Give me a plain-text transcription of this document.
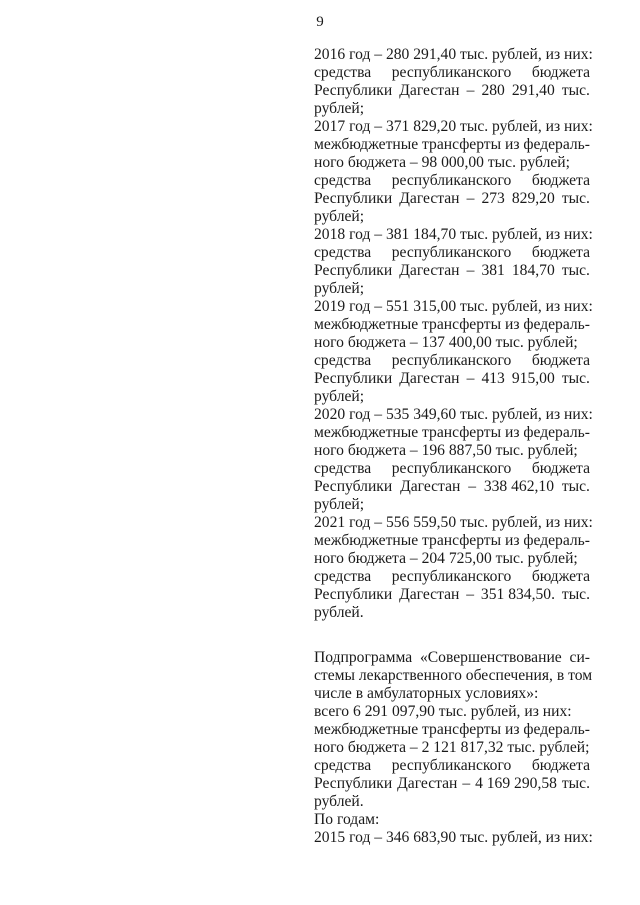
9
2016 год – 280 291,40 тыс. рублей, из них:
средства республиканского бюджета
Республики Дагестан – 280 291,40 тыс.
рублей;
2017 год – 371 829,20 тыс. рублей, из них:
межбюджетные трансферты из федераль-
ного бюджета – 98 000,00 тыс. рублей;
средства республиканского бюджета
Республики Дагестан – 273 829,20 тыс.
рублей;
2018 год – 381 184,70 тыс. рублей, из них:
средства республиканского бюджета
Республики Дагестан – 381 184,70 тыс.
рублей;
2019 год – 551 315,00 тыс. рублей, из них:
межбюджетные трансферты из федераль-
ного бюджета – 137 400,00 тыс. рублей;
средства республиканского бюджета
Республики Дагестан – 413 915,00 тыс.
рублей;
2020 год – 535 349,60 тыс. рублей, из них:
межбюджетные трансферты из федераль-
ного бюджета – 196 887,50 тыс. рублей;
средства республиканского бюджета
Республики Дагестан – 338 462,10 тыс.
рублей;
2021 год – 556 559,50 тыс. рублей, из них:
межбюджетные трансферты из федераль-
ного бюджета – 204 725,00 тыс. рублей;
средства республиканского бюджета
Республики Дагестан – 351 834,50. тыс.
рублей.
Подпрограмма «Совершенствование си-
стемы лекарственного обеспечения, в том
числе в амбулаторных условиях»:
всего 6 291 097,90 тыс. рублей, из них:
межбюджетные трансферты из федераль-
ного бюджета – 2 121 817,32 тыс. рублей;
средства республиканского бюджета
Республики Дагестан – 4 169 290,58 тыс.
рублей.
По годам:
2015 год – 346 683,90 тыс. рублей, из них:
